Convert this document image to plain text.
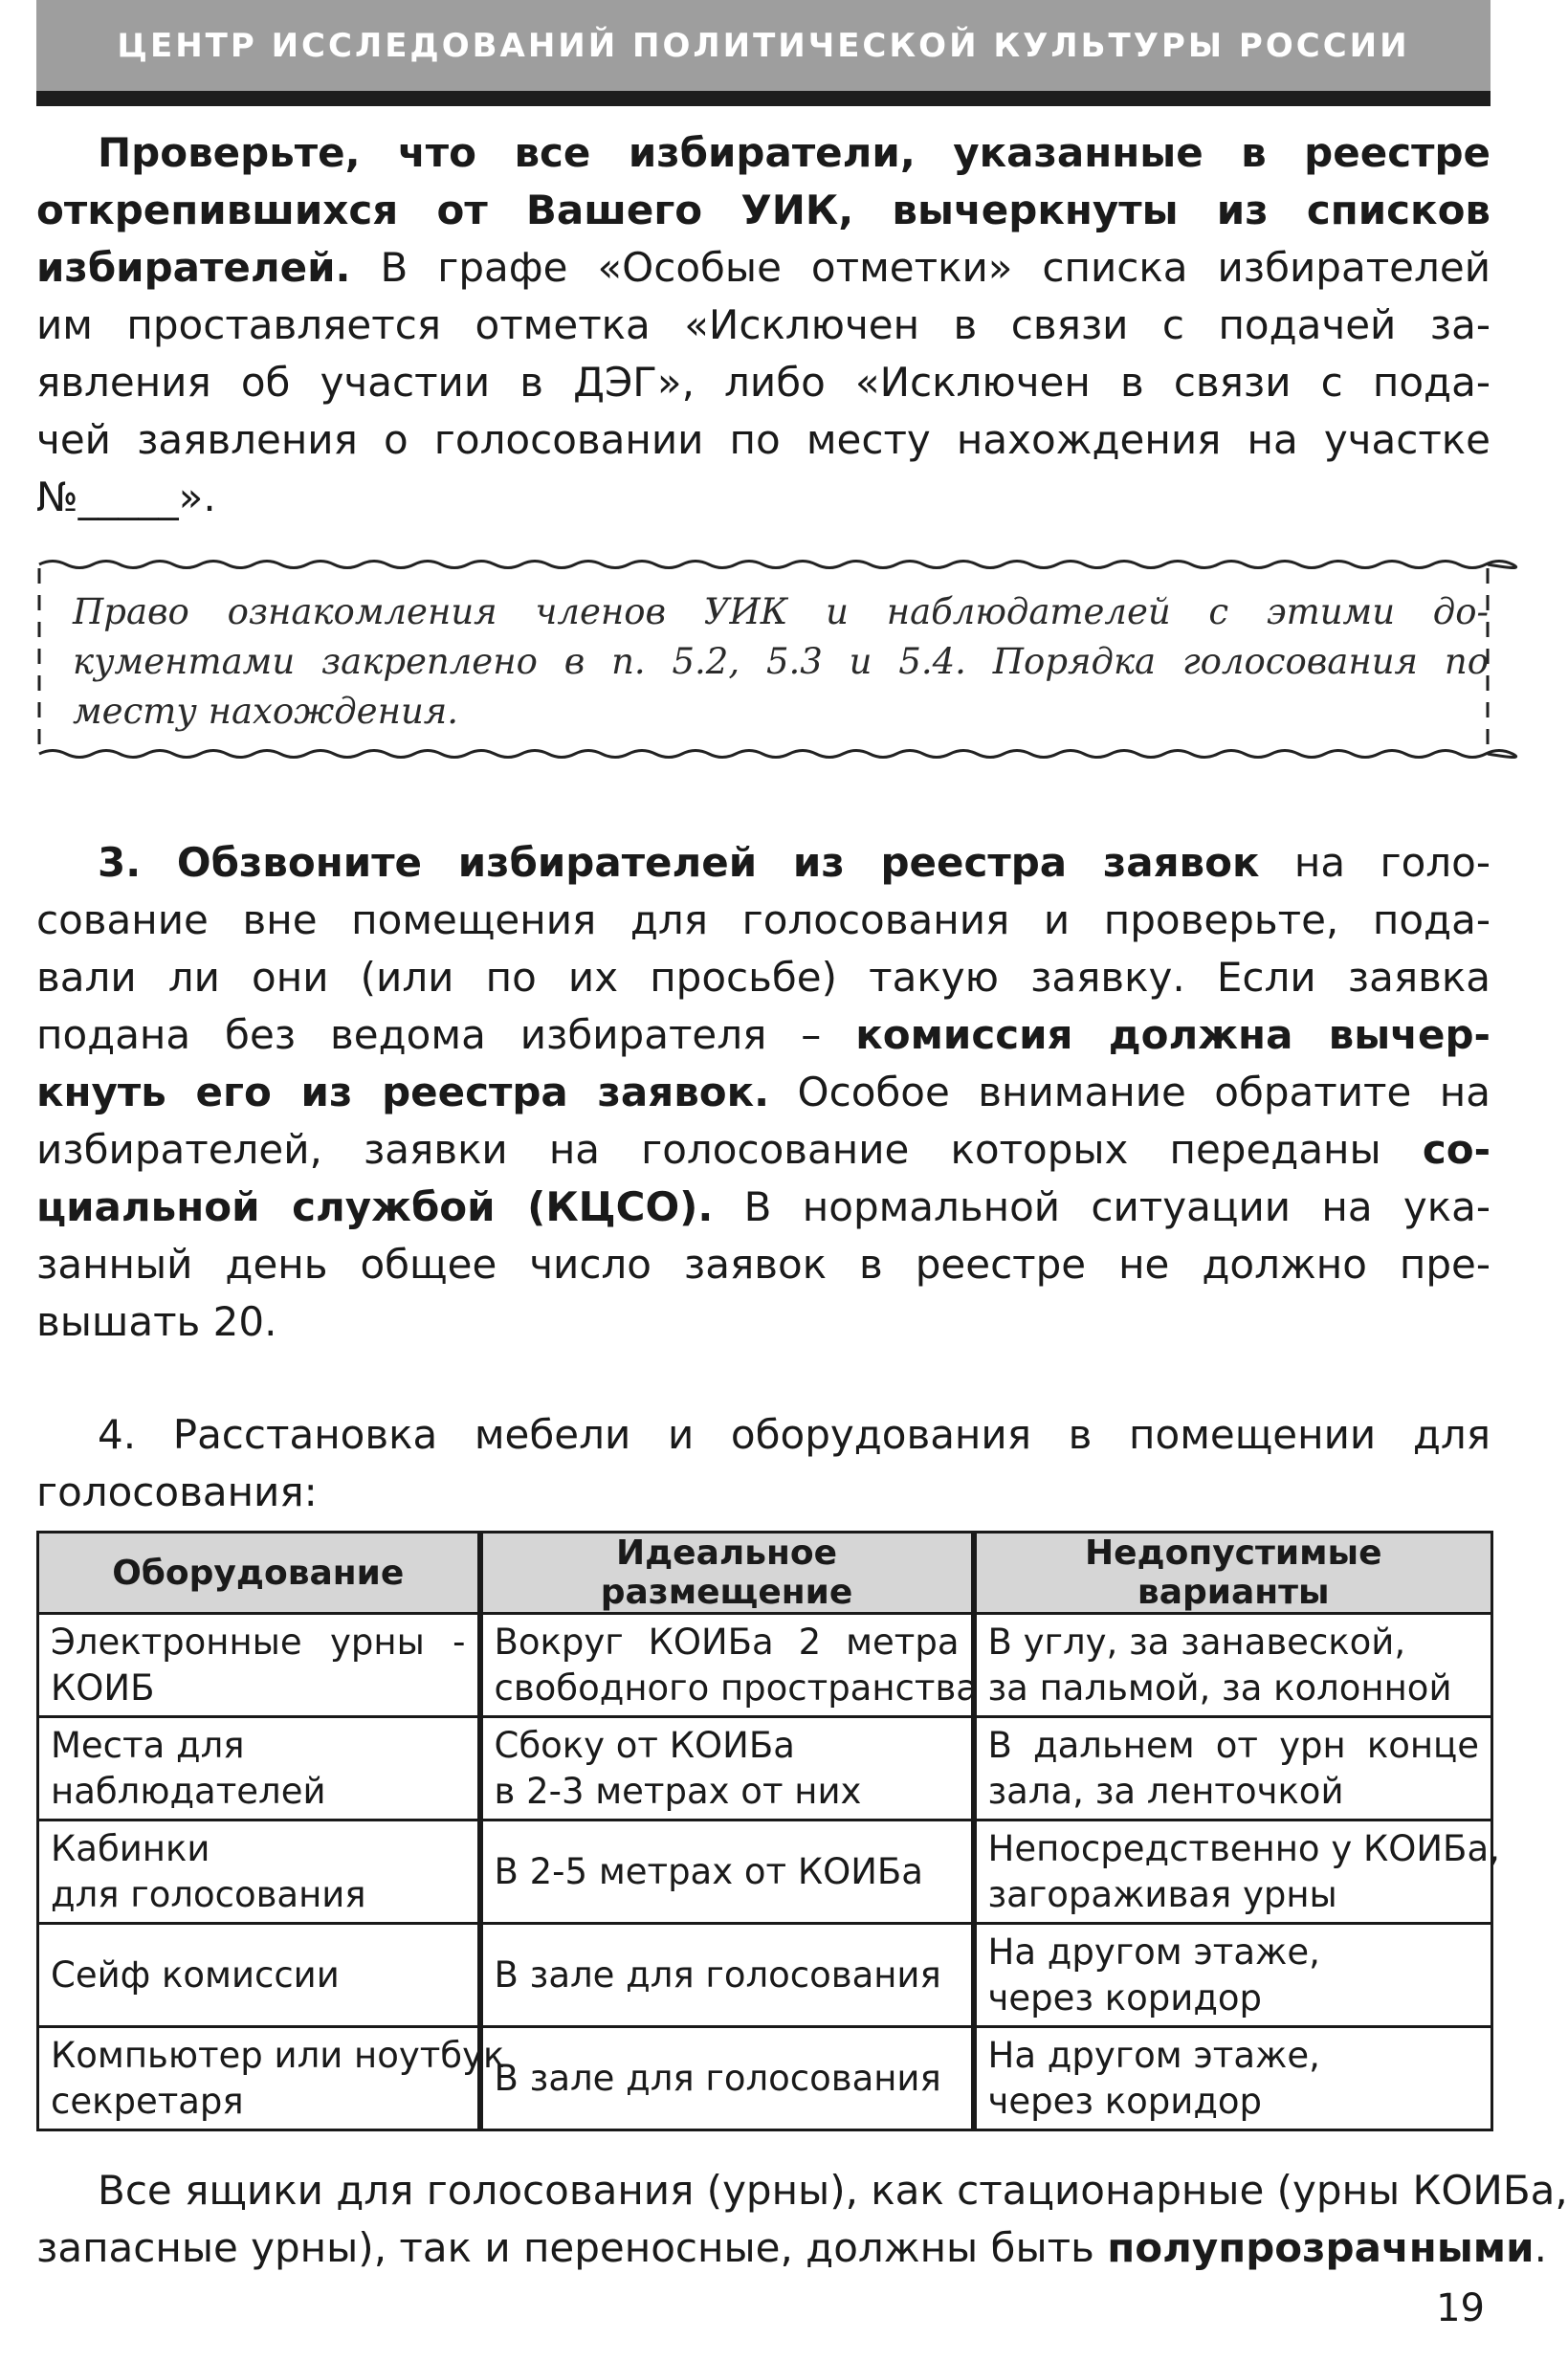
ЦЕНТР ИССЛЕДОВАНИЙ ПОЛИТИЧЕСКОЙ КУЛЬТУРЫ РОССИИ
Проверьте, что все избиратели, указанные в реестре
открепившихся от Вашего УИК, вычеркнуты из списков
избирателей. В графе «Особые отметки» списка избирателей
им проставляется отметка «Исключен в связи с подачей за-
явления об участии в ДЭГ», либо «Исключен в связи с пода-
чей заявления о голосовании по месту нахождения на участке
№_____».
Право ознакомления членов УИК и наблюдателей с этими до-
кументами закреплено в п. 5.2, 5.3 и 5.4. Порядка голосования по
месту нахождения.
3. Обзвоните избирателей из реестра заявок на голо-
сование вне помещения для голосования и проверьте, пода-
вали ли они (или по их просьбе) такую заявку. Если заявка
подана без ведома избирателя – комиссия должна вычер-
кнуть его из реестра заявок. Особое внимание обратите на
избирателей, заявки на голосование которых переданы со-
циальной службой (КЦСО). В нормальной ситуации на ука-
занный день общее число заявок в реестре не должно пре-
вышать 20.
4. Расстановка мебели и оборудования в помещении для
голосования:
Оборудование	Идеальное размещение	Недопустимые варианты

Электронные урны -
КОИБ	Вокруг КОИБа 2 метра
свободного пространства	В углу, за занавеской,
за пальмой, за колонной

Места для
наблюдателей	Сбоку от КОИБа
в 2-3 метрах от них	В дальнем от урн конце
зала, за ленточкой

Кабинки
для голосования	В 2-5 метрах от КОИБа	Непосредственно у КОИБа,
загораживая урны

Сейф комиссии	В зале для голосования	На другом этаже,
через коридор

Компьютер или ноутбук
секретаря	В зале для голосования	На другом этаже,
через коридор
Все ящики для голосования (урны), как стационарные (урны КОИБа,
запасные урны), так и переносные, должны быть полупрозрачными.
19
